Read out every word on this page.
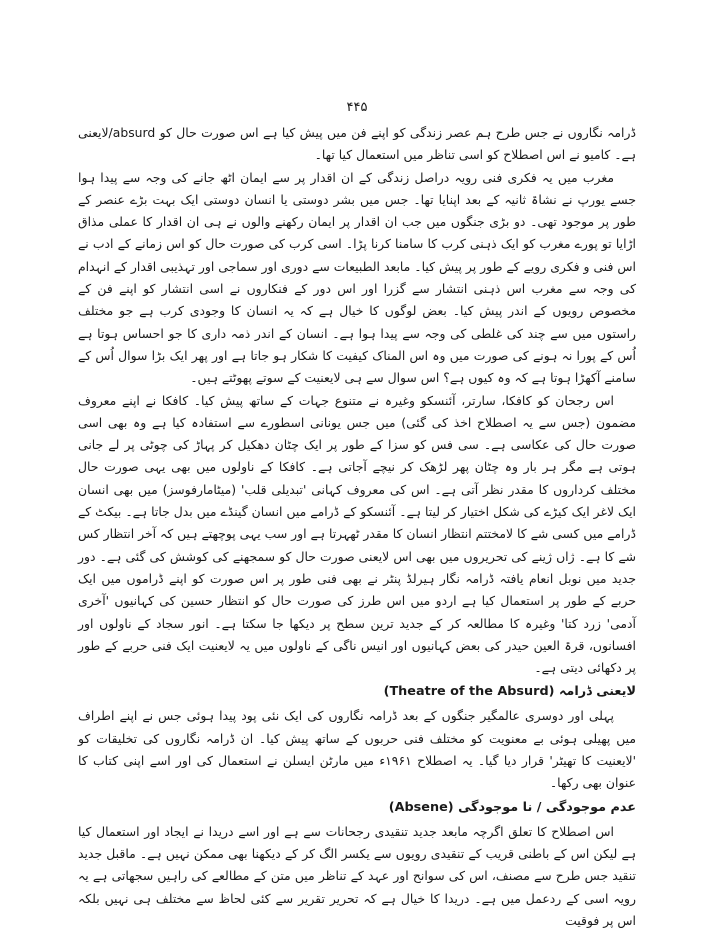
۴۴۵

ڈرامہ نگاروں نے جس طرح ہم عصر زندگی کو اپنے فن میں پیش کیا ہے اس صورت حال کو absurd/لایعنی ہے۔ کامیو نے اس اصطلاح کو اسی تناظر میں استعمال کیا تھا۔

مغرب میں یہ فکری فنی رویہ دراصل زندگی کے ان اقدار پر سے ایمان اٹھ جانے کی وجہ سے پیدا ہوا جسے یورپ نے نشاۃ ثانیہ کے بعد اپنایا تھا۔ جس میں بشر دوستی یا انسان دوستی ایک بہت بڑے عنصر کے طور پر موجود تھی۔ دو بڑی جنگوں میں جب ان اقدار پر ایمان رکھنے والوں نے ہی ان اقدار کا عملی مذاق اڑایا تو پورے مغرب کو ایک ذہنی کرب کا سامنا کرنا پڑا۔ اسی کرب کی صورت حال کو اس زمانے کے ادب نے اس فنی و فکری رویے کے طور پر پیش کیا۔ مابعد الطبیعات سے دوری اور سماجی اور تہذیبی اقدار کے انہدام کی وجہ سے مغرب اس ذہنی انتشار سے گزرا اور اس دور کے فنکاروں نے اسی انتشار کو اپنے فن کے مخصوص رویوں کے اندر پیش کیا۔ بعض لوگوں کا خیال ہے کہ یہ انسان کا وجودی کرب ہے جو مختلف راستوں میں سے چند کی غلطی کی وجہ سے پیدا ہوا ہے۔ انسان کے اندر ذمہ داری کا جو احساس ہوتا ہے اُس کے پورا نہ ہونے کی صورت میں وہ اس المناک کیفیت کا شکار ہو جاتا ہے اور پھر ایک بڑا سوال اُس کے سامنے آکھڑا ہوتا ہے کہ وہ کیوں ہے؟ اس سوال سے ہی لایعنیت کے سوتے پھوٹتے ہیں۔

اس رجحان کو کافکا، سارتر، آئنسکو وغیرہ نے متنوع جہات کے ساتھ پیش کیا۔ کافکا نے اپنے معروف مضمون (جس سے یہ اصطلاح اخذ کی گئی) میں جس یونانی اسطورے سے استفادہ کیا ہے وہ بھی اسی صورت حال کی عکاسی ہے۔ سی فس کو سزا کے طور پر ایک چٹان دھکیل کر پہاڑ کی چوٹی پر لے جانی ہوتی ہے مگر ہر بار وہ چٹان پھر لڑھک کر نیچے آجاتی ہے۔ کافکا کے ناولوں میں بھی یہی صورت حال مختلف کرداروں کا مقدر نظر آتی ہے۔ اس کی معروف کہانی 'تبدیلی قلب' (میٹامارفوسز) میں بھی انسان ایک لاغر ایک کیڑے کی شکل اختیار کر لیتا ہے۔ آئنسکو کے ڈرامے میں انسان گینڈے میں بدل جاتا ہے۔ بیکٹ کے ڈرامے میں کسی شے کا لامختتم انتظار انسان کا مقدر ٹھہرتا ہے اور سب یہی پوچھتے ہیں کہ آخر انتظار کس شے کا ہے۔ ژاں ژینے کی تحریروں میں بھی اس لایعنی صورت حال کو سمجھنے کی کوشش کی گئی ہے۔ دور جدید میں نوبل انعام یافتہ ڈرامہ نگار ہیرلڈ پنٹر نے بھی فنی طور پر اس صورت کو اپنے ڈراموں میں ایک حربے کے طور پر استعمال کیا ہے اردو میں اس طرز کی صورت حال کو انتظار حسین کی کہانیوں 'آخری آدمی' زرد کتا' وغیرہ کا مطالعہ کر کے جدید ترین سطح پر دیکھا جا سکتا ہے۔ انور سجاد کے ناولوں اور افسانوں، قرۃ العین حیدر کی بعض کہانیوں اور انیس ناگی کے ناولوں میں یہ لایعنیت ایک فنی حربے کے طور پر دکھائی دیتی ہے۔

لایعنی ڈرامہ (Theatre of the Absurd)

پہلی اور دوسری عالمگیر جنگوں کے بعد ڈرامہ نگاروں کی ایک نئی پود پیدا ہوئی جس نے اپنے اطراف میں پھیلی ہوئی بے معنویت کو مختلف فنی حربوں کے ساتھ پیش کیا۔ ان ڈرامہ نگاروں کی تخلیقات کو 'لایعنیت کا تھیٹر' قرار دیا گیا۔ یہ اصطلاح ۱۹۶۱ء میں مارٹن ایسلن نے استعمال کی اور اسے اپنی کتاب کا عنوان بھی رکھا۔

عدم موجودگی / نا موجودگی (Absene)

اس اصطلاح کا تعلق اگرچہ مابعد جدید تنقیدی رجحانات سے ہے اور اسے دریدا نے ایجاد اور استعمال کیا ہے لیکن اس کے باطنی قریب کے تنقیدی رویوں سے یکسر الگ کر کے دیکھنا بھی ممکن نہیں ہے۔ ماقبل جدید تنقید جس طرح سے مصنف، اس کی سوانح اور عہد کے تناظر میں متن کے مطالعے کی راہیں سجھاتی ہے یہ رویہ اسی کے ردعمل میں ہے۔ دریدا کا خیال ہے کہ تحریر تقریر سے کئی لحاظ سے مختلف ہی نہیں بلکہ اس پر فوقیت
